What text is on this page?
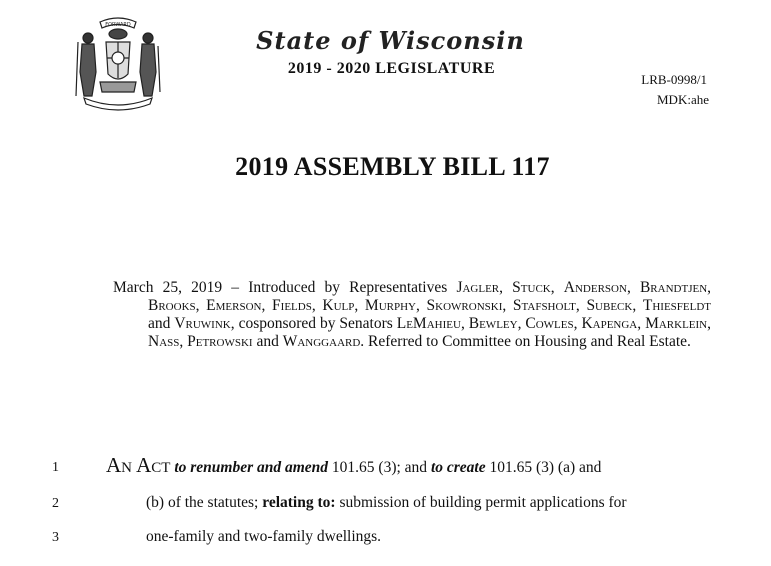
FORWARD
State of Wisconsin
2019 - 2020 LEGISLATURE
LRB-0998/1
MDK:ahe
2019 ASSEMBLY BILL 117
March 25, 2019 – Introduced by Representatives Jagler, Stuck, Anderson, Brandtjen, Brooks, Emerson, Fields, Kulp, Murphy, Skowronski, Stafsholt, Subeck, Thiesfeldt and Vruwink, cosponsored by Senators LeMahieu, Bewley, Cowles, Kapenga, Marklein, Nass, Petrowski and Wanggaard. Referred to Committee on Housing and Real Estate.
1 An Act to renumber and amend 101.65 (3); and to create 101.65 (3) (a) and
2	(b) of the statutes; relating to: submission of building permit applications for
3	one-family and two-family dwellings.
